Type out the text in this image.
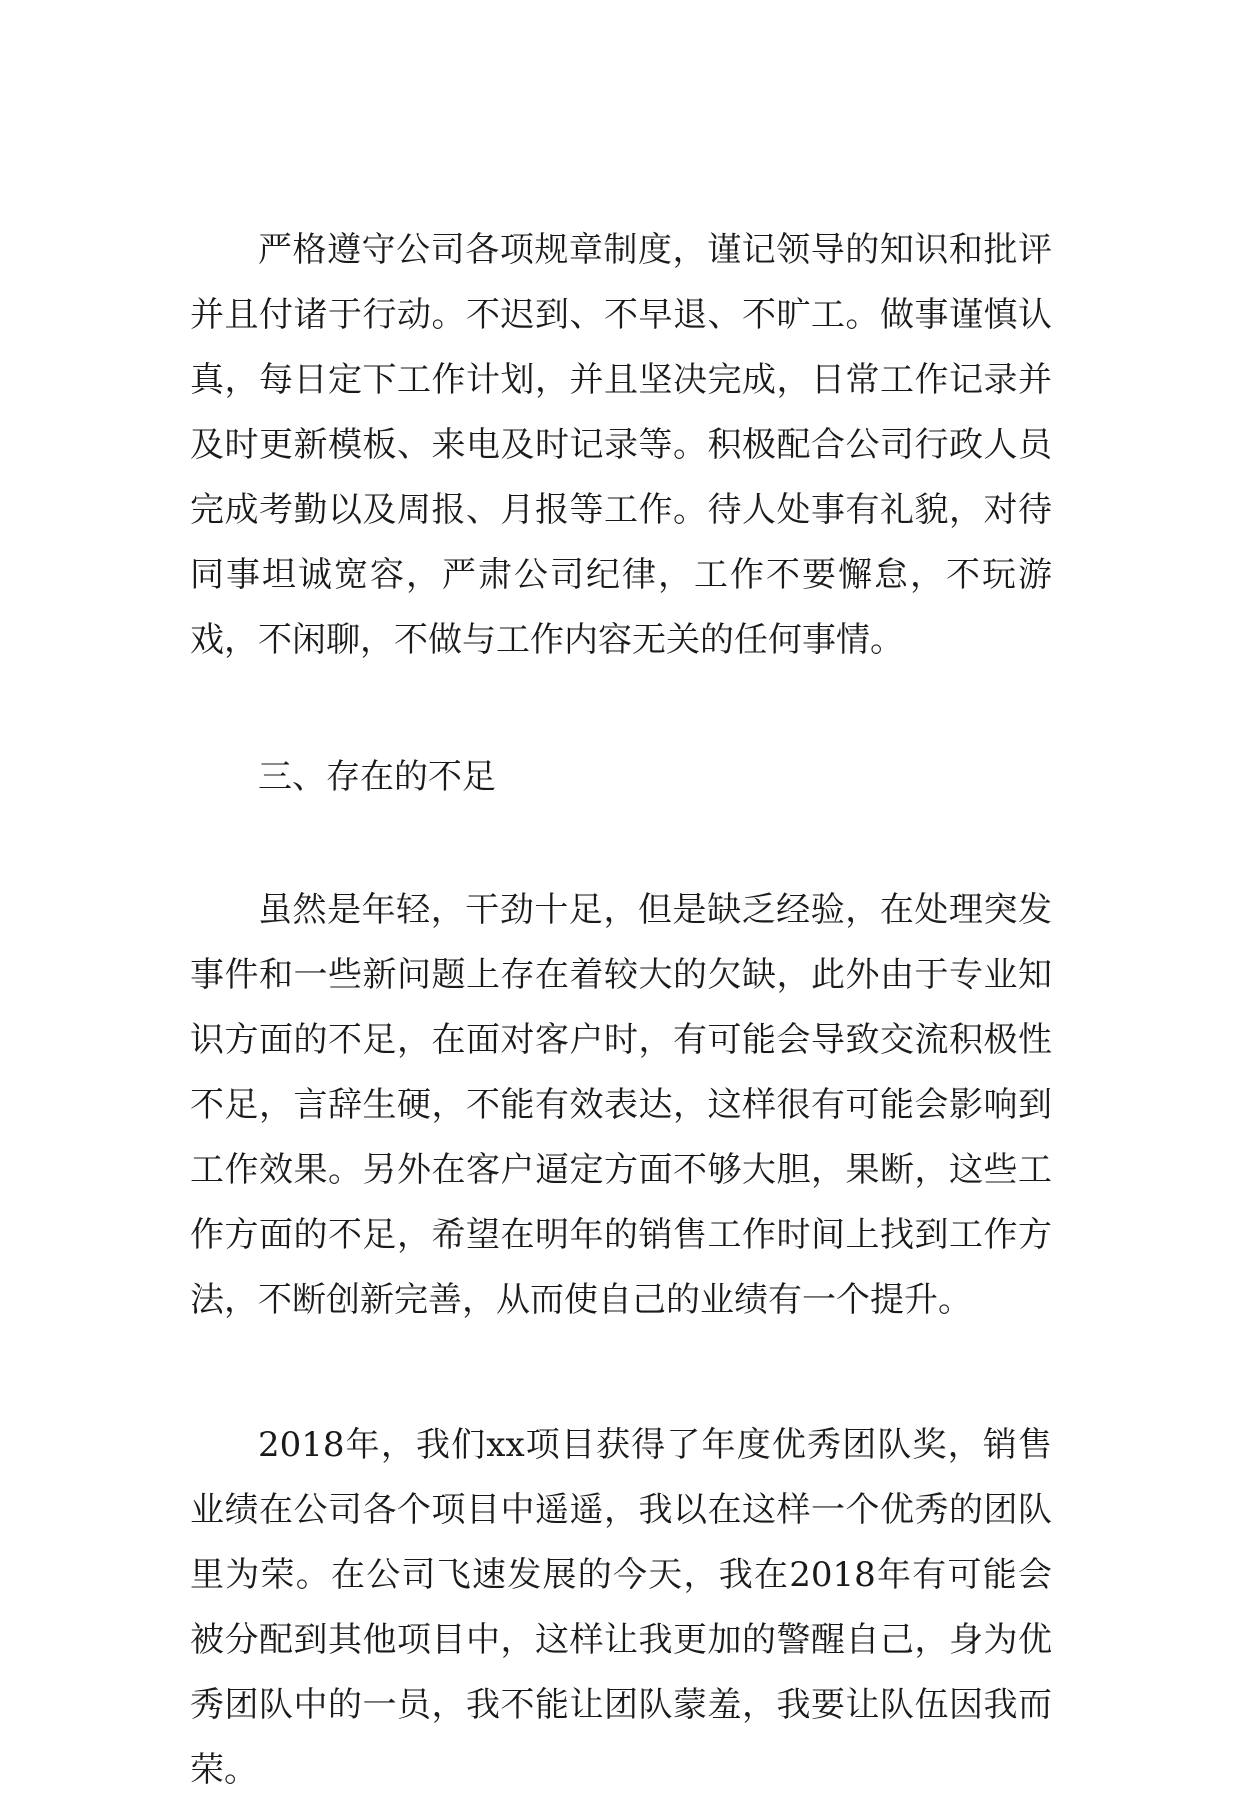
严格遵守公司各项规章制度，谨记领导的知识和批评并且付诸于行动。不迟到、不早退、不旷工。做事谨慎认真，每日定下工作计划，并且坚决完成，日常工作记录并及时更新模板、来电及时记录等。积极配合公司行政人员完成考勤以及周报、月报等工作。待人处事有礼貌，对待同事坦诚宽容，严肃公司纪律，工作不要懈怠，不玩游戏，不闲聊，不做与工作内容无关的任何事情。

三、存在的不足

虽然是年轻，干劲十足，但是缺乏经验，在处理突发事件和一些新问题上存在着较大的欠缺，此外由于专业知识方面的不足，在面对客户时，有可能会导致交流积极性不足，言辞生硬，不能有效表达，这样很有可能会影响到工作效果。另外在客户逼定方面不够大胆，果断，这些工作方面的不足，希望在明年的销售工作时间上找到工作方法，不断创新完善，从而使自己的业绩有一个提升。

2018年，我们xx项目获得了年度优秀团队奖，销售业绩在公司各个项目中遥遥，我以在这样一个优秀的团队里为荣。在公司飞速发展的今天，我在2018年有可能会被分配到其他项目中，这样让我更加的警醒自己，身为优秀团队中的一员，我不能让团队蒙羞，我要让队伍因我而荣。
